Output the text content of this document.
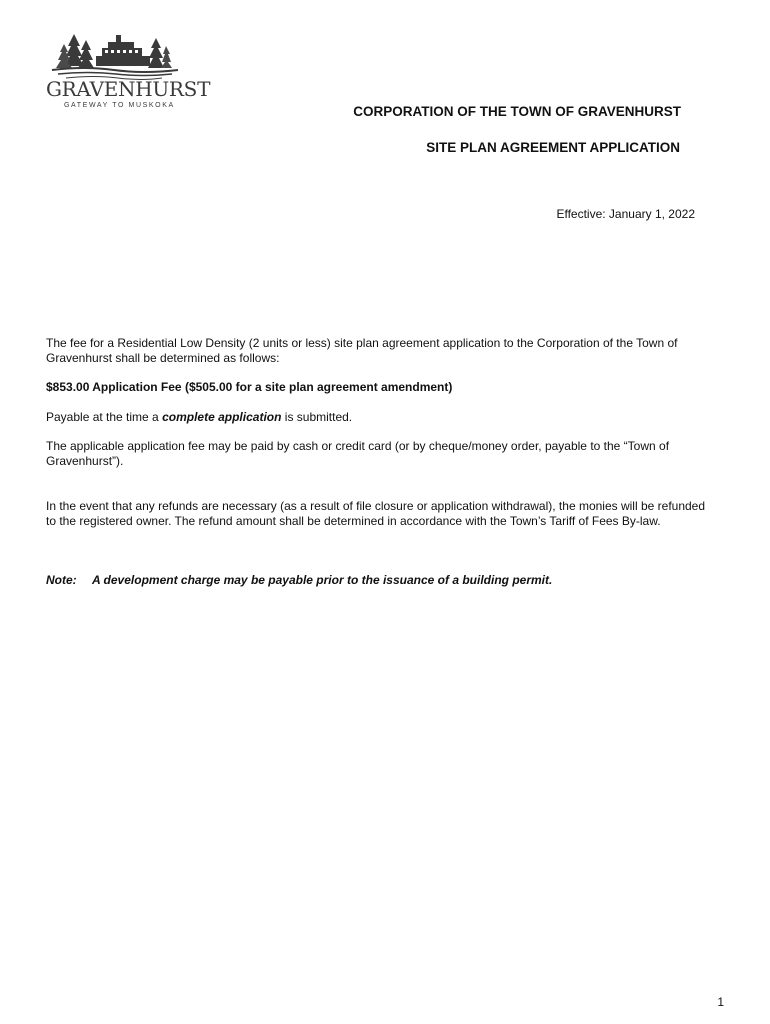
GRAVENHURST
GATEWAY TO MUSKOKA	CORPORATION OF THE TOWN OF GRAVENHURST
SITE PLAN AGREEMENT APPLICATION
Effective: January 1, 2022
The fee for a Residential Low Density (2 units or less) site plan agreement application to the Corporation of the Town of Gravenhurst shall be determined as follows:
$853.00 Application Fee ($505.00 for a site plan agreement amendment)
Payable at the time a complete application is submitted.
The applicable application fee may be paid by cash or credit card (or by cheque/money order, payable to the “Town of Gravenhurst”).
In the event that any refunds are necessary (as a result of file closure or application withdrawal), the monies will be refunded to the registered owner. The refund amount shall be determined in accordance with the Town’s Tariff of Fees By-law.
Note: A development charge may be payable prior to the issuance of a building permit.
1
